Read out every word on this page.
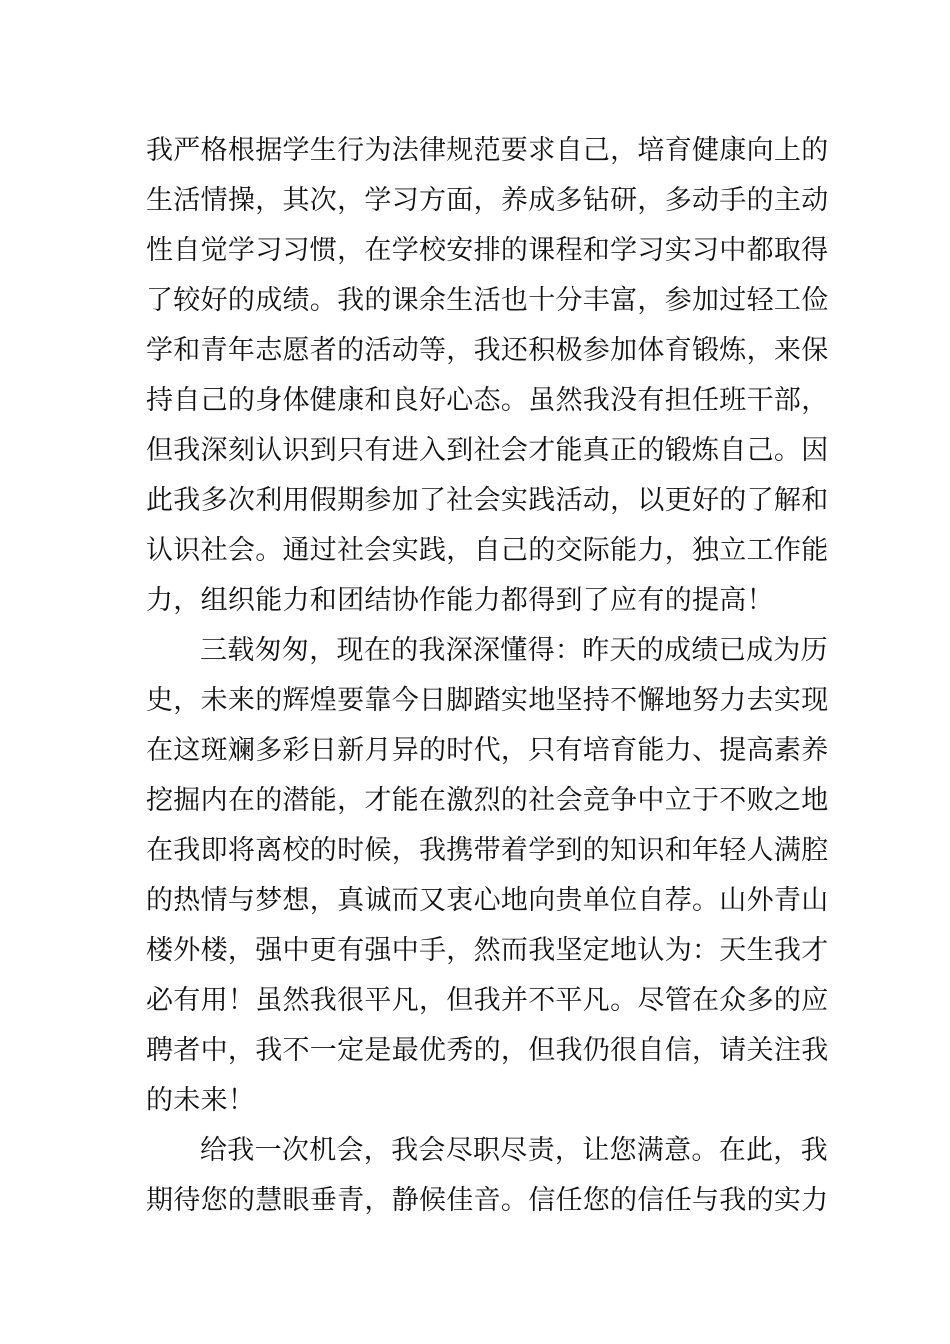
我严格根据学生行为法律规范要求自己，培育健康向上的
生活情操，其次，学习方面，养成多钻研，多动手的主动
性自觉学习习惯，在学校安排的课程和学习实习中都取得
了较好的成绩。我的课余生活也十分丰富，参加过轻工俭
学和青年志愿者的活动等，我还积极参加体育锻炼，来保
持自己的身体健康和良好心态。虽然我没有担任班干部，
但我深刻认识到只有进入到社会才能真正的锻炼自己。因
此我多次利用假期参加了社会实践活动，以更好的了解和
认识社会。通过社会实践，自己的交际能力，独立工作能
力，组织能力和团结协作能力都得到了应有的提高！
三载匆匆，现在的我深深懂得：昨天的成绩已成为历
史，未来的辉煌要靠今日脚踏实地坚持不懈地努力去实现
在这斑斓多彩日新月异的时代，只有培育能力、提高素养
挖掘内在的潜能，才能在激烈的社会竞争中立于不败之地
在我即将离校的时候，我携带着学到的知识和年轻人满腔
的热情与梦想，真诚而又衷心地向贵单位自荐。山外青山
楼外楼，强中更有强中手，然而我坚定地认为：天生我才
必有用！虽然我很平凡，但我并不平凡。尽管在众多的应
聘者中，我不一定是最优秀的，但我仍很自信，请关注我
的未来！
给我一次机会，我会尽职尽责，让您满意。在此，我
期待您的慧眼垂青，静候佳音。信任您的信任与我的实力
